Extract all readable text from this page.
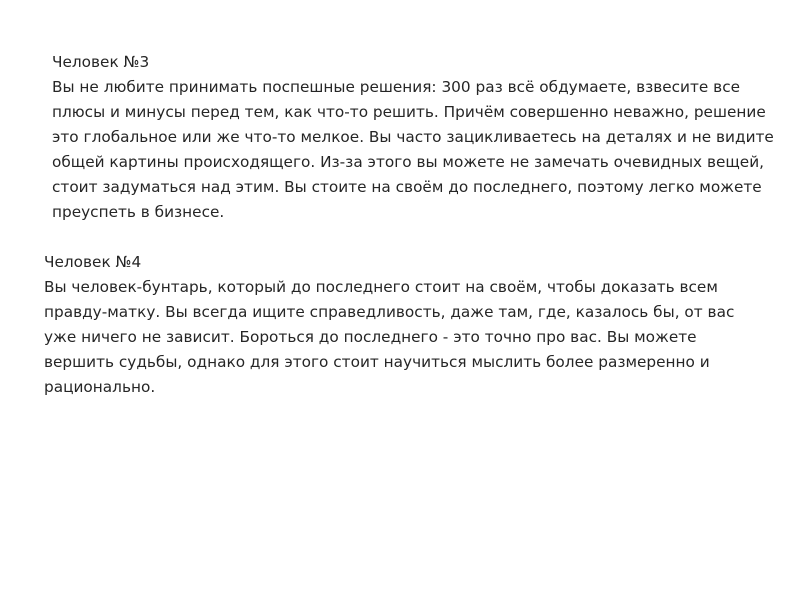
Человек №3
Вы не любите принимать поспешные решения: 300 раз всё обдумаете, взвесите все плюсы и минусы перед тем, как что-то решить. Причём совершенно неважно, решение это глобальное или же что-то мелкое. Вы часто зацикливаетесь на деталях и не видите общей картины происходящего. Из-за этого вы можете не замечать очевидных вещей, стоит задуматься над этим. Вы стоите на своём до последнего, поэтому легко можете преуспеть в бизнесе.
Человек №4
Вы человек-бунтарь, который до последнего стоит на своём, чтобы доказать всем правду-матку. Вы всегда ищите справедливость, даже там, где, казалось бы, от вас уже ничего не зависит. Бороться до последнего - это точно про вас. Вы можете вершить судьбы, однако для этого стоит научиться мыслить более размеренно и рационально.
